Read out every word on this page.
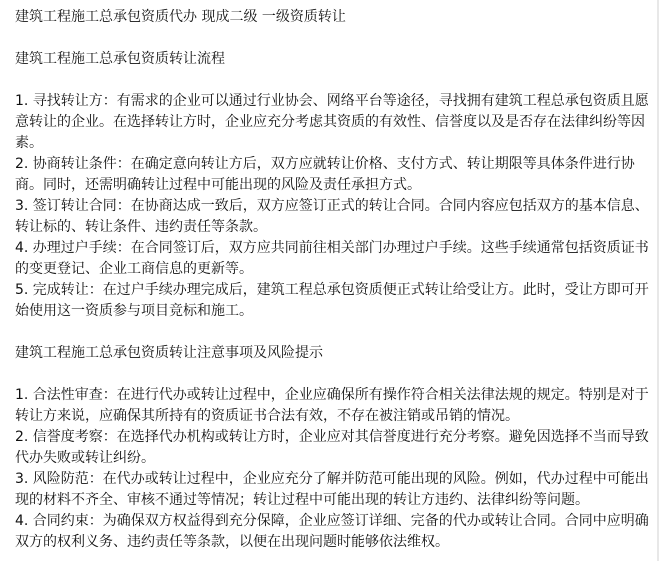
建筑工程施工总承包资质代办 现成二级 一级资质转让

建筑工程施工总承包资质转让流程

1. 寻找转让方：有需求的企业可以通过行业协会、网络平台等途径，寻找拥有建筑工程总承包资质且愿意转让的企业。在选择转让方时，企业应充分考虑其资质的有效性、信誉度以及是否存在法律纠纷等因素。

2. 协商转让条件：在确定意向转让方后，双方应就转让价格、支付方式、转让期限等具体条件进行协商。同时，还需明确转让过程中可能出现的风险及责任承担方式。

3. 签订转让合同：在协商达成一致后，双方应签订正式的转让合同。合同内容应包括双方的基本信息、转让标的、转让条件、违约责任等条款。

4. 办理过户手续：在合同签订后，双方应共同前往相关部门办理过户手续。这些手续通常包括资质证书的变更登记、企业工商信息的更新等。

5. 完成转让：在过户手续办理完成后，建筑工程总承包资质便正式转让给受让方。此时，受让方即可开始使用这一资质参与项目竞标和施工。

建筑工程施工总承包资质转让注意事项及风险提示

1. 合法性审查：在进行代办或转让过程中，企业应确保所有操作符合相关法律法规的规定。特别是对于转让方来说，应确保其所持有的资质证书合法有效，不存在被注销或吊销的情况。

2. 信誉度考察：在选择代办机构或转让方时，企业应对其信誉度进行充分考察。避免因选择不当而导致代办失败或转让纠纷。

3. 风险防范：在代办或转让过程中，企业应充分了解并防范可能出现的风险。例如，代办过程中可能出现的材料不齐全、审核不通过等情况；转让过程中可能出现的转让方违约、法律纠纷等问题。

4. 合同约束：为确保双方权益得到充分保障，企业应签订详细、完备的代办或转让合同。合同中应明确双方的权利义务、违约责任等条款，以便在出现问题时能够依法维权。
